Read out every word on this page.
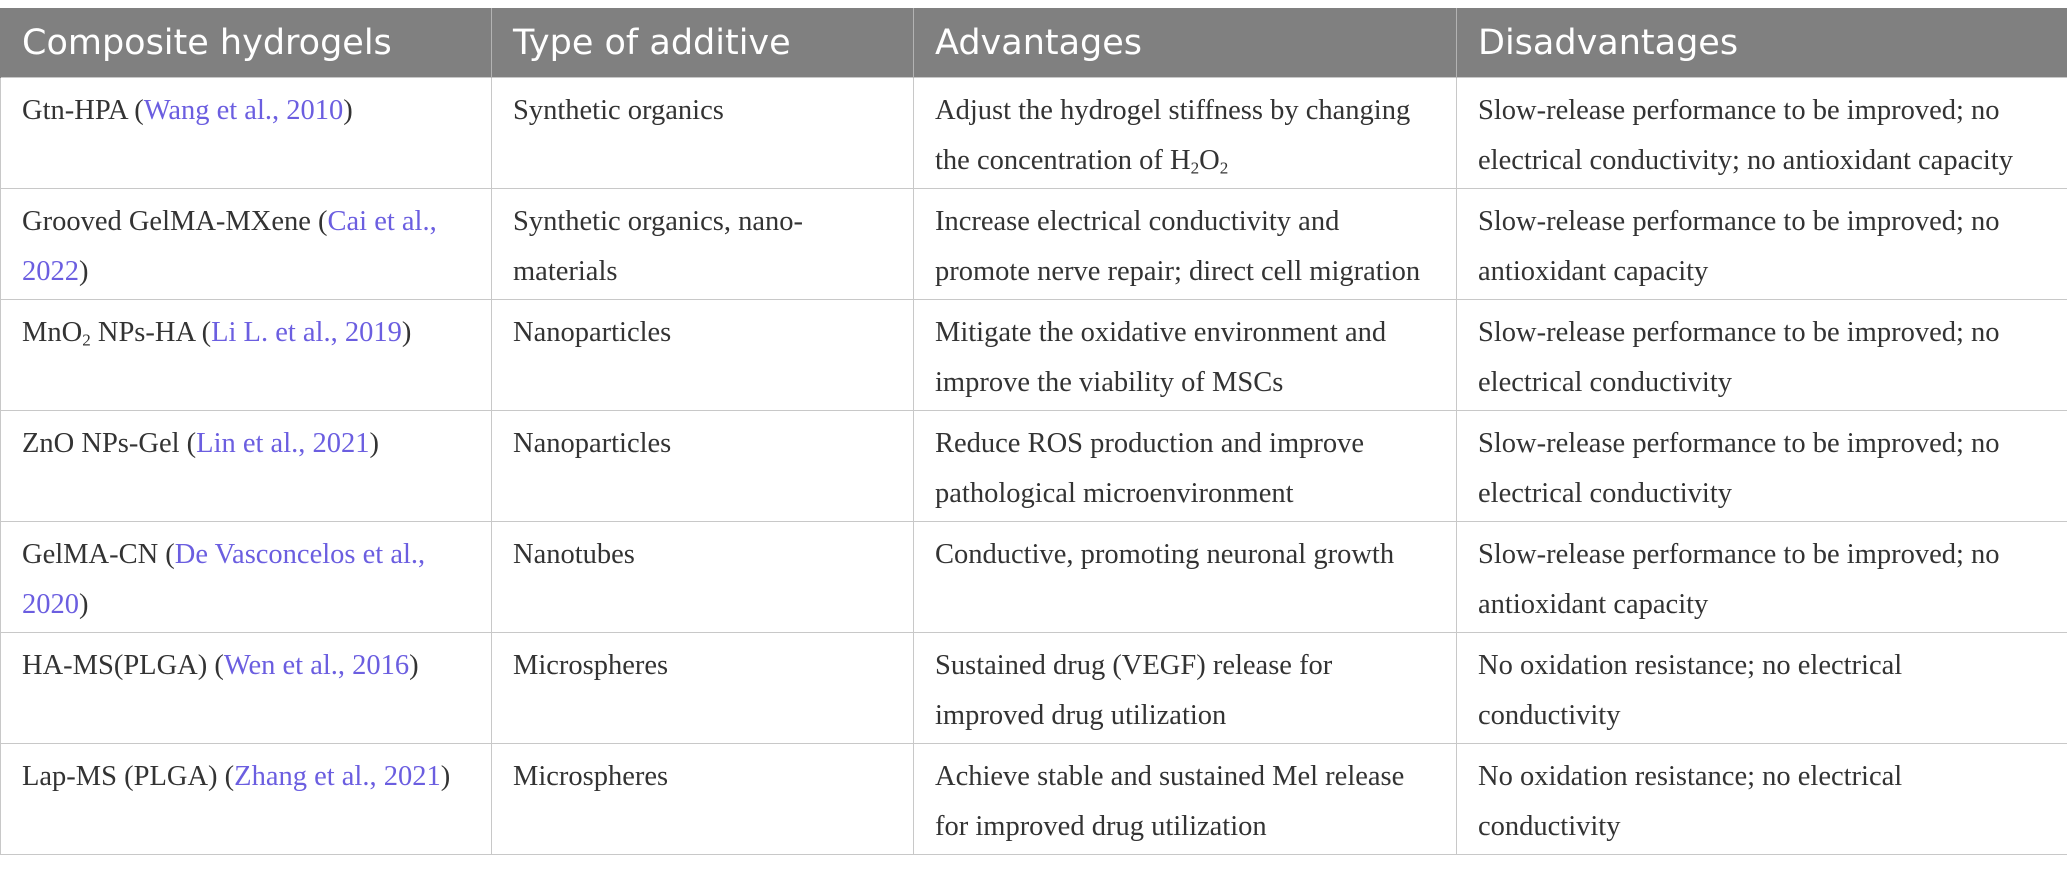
Composite hydrogels	Type of additive	Advantages	Disadvantages
Gtn-HPA (Wang et al., 2010)	Synthetic organics	Adjust the hydrogel stiffness by changing the concentration of $H_2O_2$	Slow-release performance to be improved; no electrical conductivity; no antioxidant capacity
Grooved GelMA-MXene (Cai et al., 2022)	Synthetic organics, nano-materials	Increase electrical conductivity and promote nerve repair; direct cell migration	Slow-release performance to be improved; no antioxidant capacity
MnO$_2$ NPs-HA (Li L. et al., 2019)	Nanoparticles	Mitigate the oxidative environment and improve the viability of MSCs	Slow-release performance to be improved; no electrical conductivity
ZnO NPs-Gel (Lin et al., 2021)	Nanoparticles	Reduce ROS production and improve pathological microenvironment	Slow-release performance to be improved; no electrical conductivity
GelMA-CN (De Vasconcelos et al., 2020)	Nanotubes	Conductive, promoting neuronal growth	Slow-release performance to be improved; no antioxidant capacity
HA-MS(PLGA) (Wen et al., 2016)	Microspheres	Sustained drug (VEGF) release for improved drug utilization	No oxidation resistance; no electrical conductivity
Lap-MS (PLGA) (Zhang et al., 2021)	Microspheres	Achieve stable and sustained Mel release for improved drug utilization	No oxidation resistance; no electrical conductivity
